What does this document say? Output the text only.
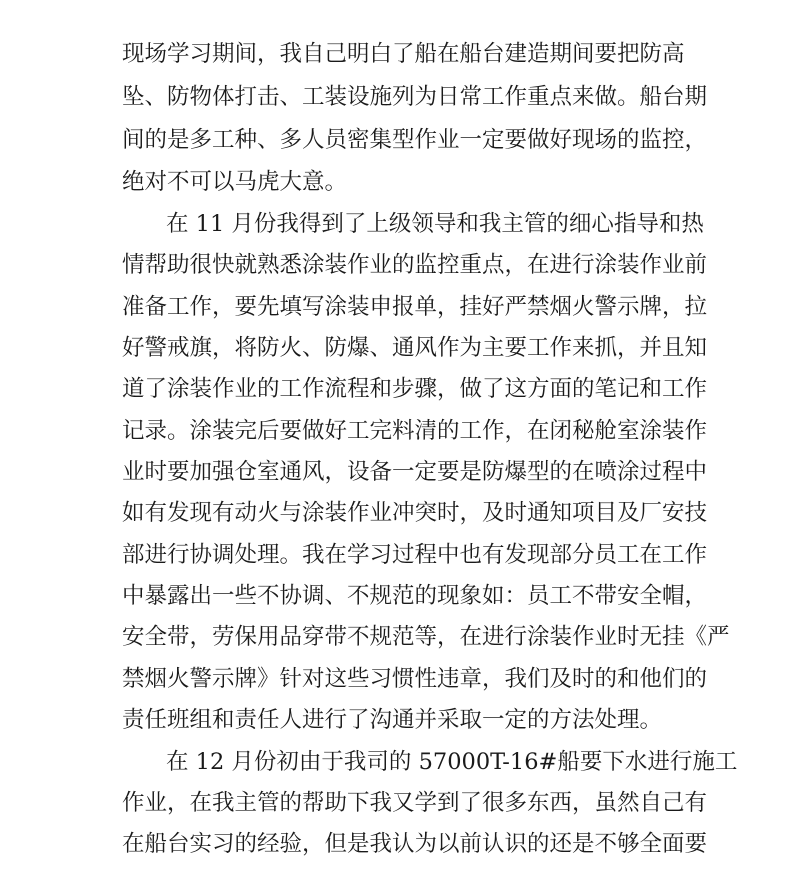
现场学习期间，我自己明白了船在船台建造期间要把防高

坠、防物体打击、工装设施列为日常工作重点来做。船台期

间的是多工种、多人员密集型作业一定要做好现场的监控，

绝对不可以马虎大意。

在 11 月份我得到了上级领导和我主管的细心指导和热

情帮助很快就熟悉涂装作业的监控重点，在进行涂装作业前

准备工作，要先填写涂装申报单，挂好严禁烟火警示牌，拉

好警戒旗，将防火、防爆、通风作为主要工作来抓，并且知

道了涂装作业的工作流程和步骤，做了这方面的笔记和工作

记录。涂装完后要做好工完料清的工作，在闭秘舱室涂装作

业时要加强仓室通风，设备一定要是防爆型的在喷涂过程中

如有发现有动火与涂装作业冲突时，及时通知项目及厂安技

部进行协调处理。我在学习过程中也有发现部分员工在工作

中暴露出一些不协调、不规范的现象如：员工不带安全帽，

安全带，劳保用品穿带不规范等，在进行涂装作业时无挂《严

禁烟火警示牌》针对这些习惯性违章，我们及时的和他们的

责任班组和责任人进行了沟通并采取一定的方法处理。

在 12 月份初由于我司的 57000T-16#船要下水进行施工

作业，在我主管的帮助下我又学到了很多东西，虽然自己有

在船台实习的经验，但是我认为以前认识的还是不够全面要
